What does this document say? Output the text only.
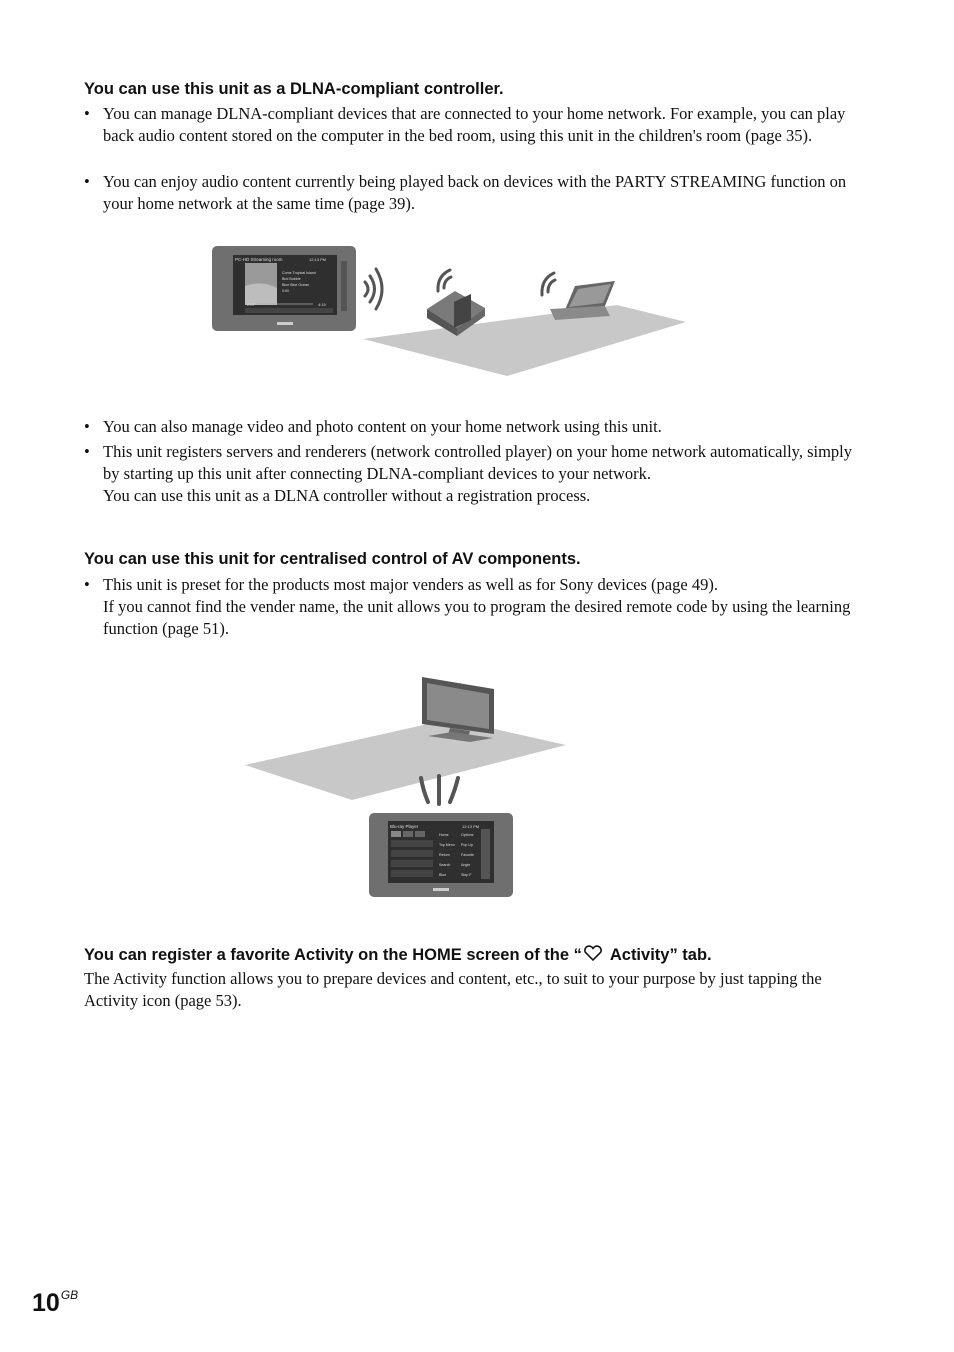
You can use this unit as a DLNA-compliant controller.
• You can manage DLNA-compliant devices that are connected to your home network. For example, you can play back audio content stored on the computer in the bed room, using this unit in the children's room (page 35).
• You can enjoy audio content currently being played back on devices with the PARTY STREAMING function on your home network at the same time (page 39).
PC-HD Streaming room	12:13 PM
Come Tropical Island
Bird Bubble
Blue Blue Ocean
0:00
2:07	4:19
• You can also manage video and photo content on your home network using this unit.
• This unit registers servers and renderers (network controlled player) on your home network automatically, simply by starting up this unit after connecting DLNA-compliant devices to your network.
You can use this unit as a DLNA controller without a registration process.
You can use this unit for centralised control of AV components.
• This unit is preset for the products most major venders as well as for Sony devices (page 49).
If you cannot find the vender name, the unit allows you to program the desired remote code by using the learning function (page 51).
Blu-ray Player	12:13 PM
Home
Top Menu
Return
Search
Blue
Options
Pop Up
Favorite
Angle
Step F
You can register a favorite Activity on the HOME screen of the “ Activity” tab.
The Activity function allows you to prepare devices and content, etc., to suit to your purpose by just tapping the Activity icon (page 53).
$10^{GB}$
